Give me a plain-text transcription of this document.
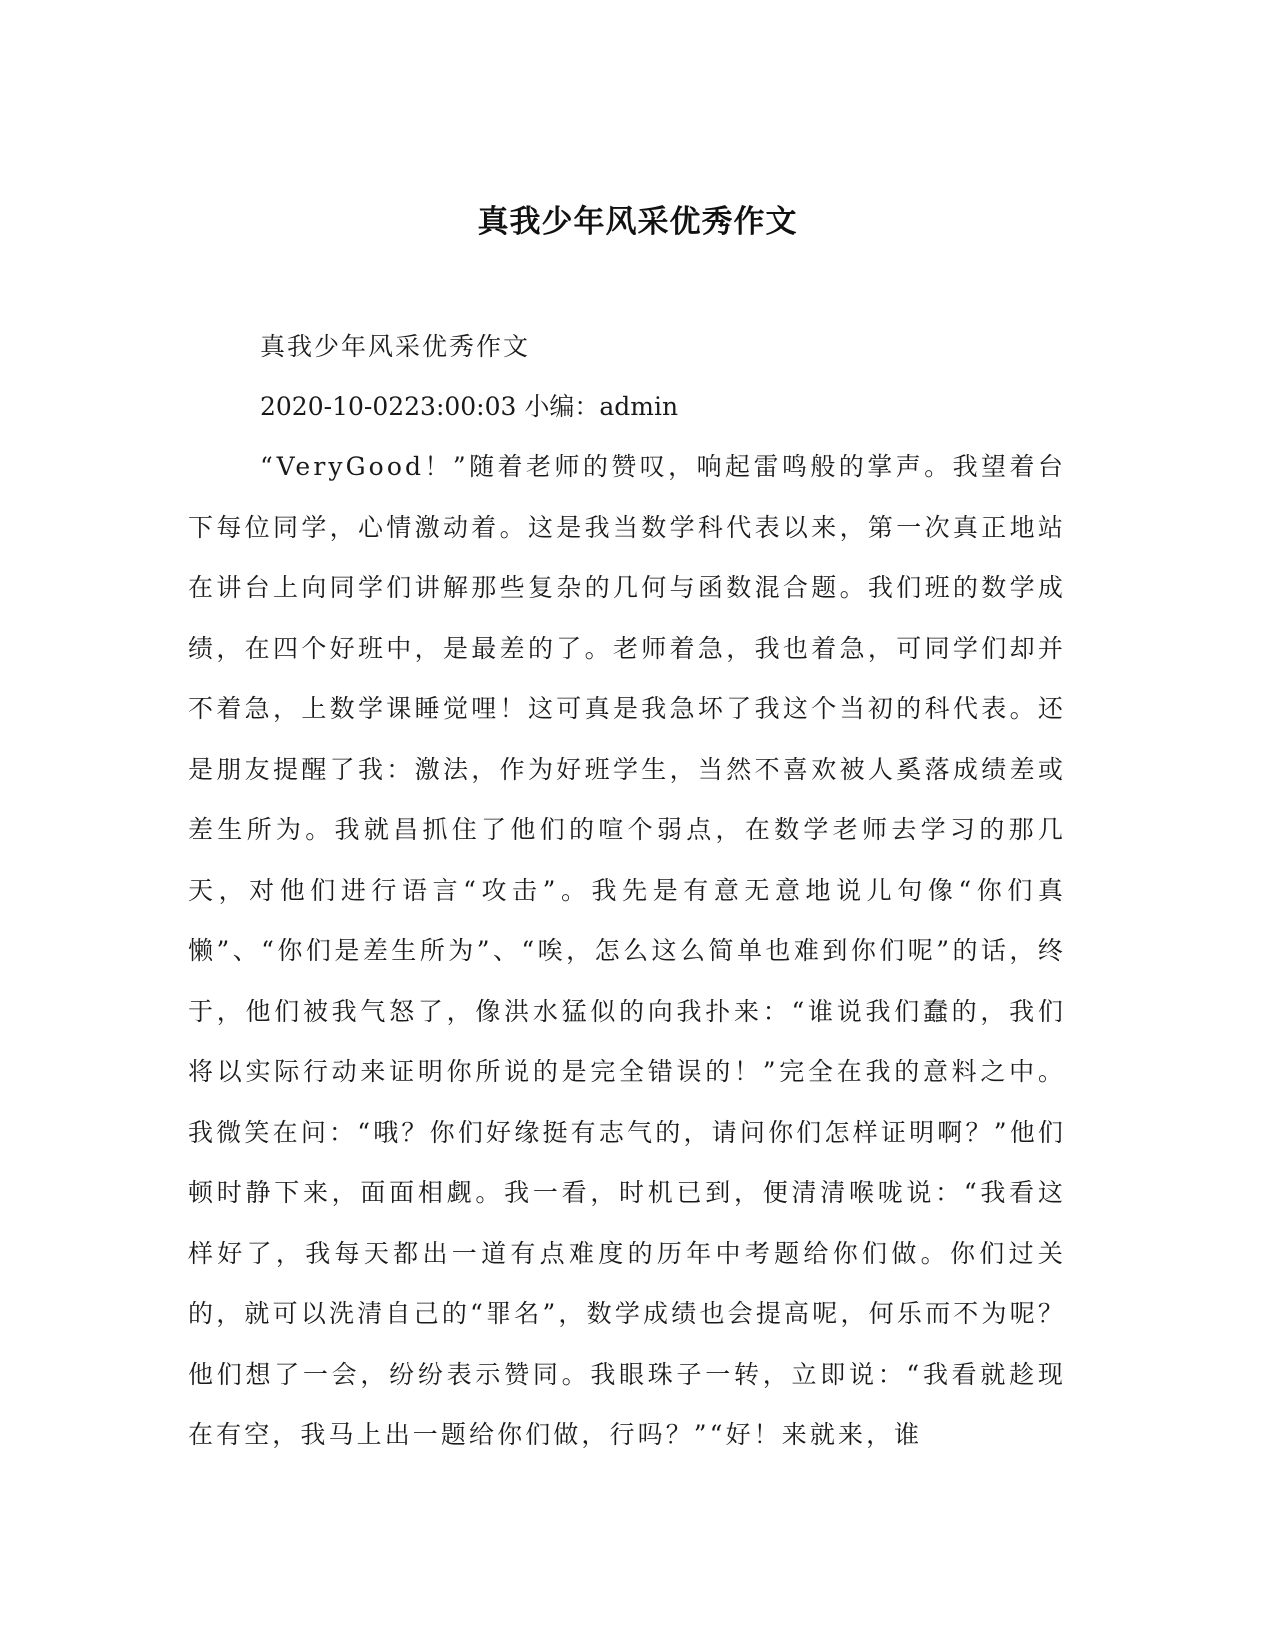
真我少年风采优秀作文

真我少年风采优秀作文

2020-10-0223:00:03 小编：admin

“VeryGood！”随着老师的赞叹，响起雷鸣般的掌声。我望着台下每位同学，心情激动着。这是我当数学科代表以来，第一次真正地站在讲台上向同学们讲解那些复杂的几何与函数混合题。我们班的数学成绩，在四个好班中，是最差的了。老师着急，我也着急，可同学们却并不着急，上数学课睡觉哩！这可真是我急坏了我这个当初的科代表。还是朋友提醒了我：激法，作为好班学生，当然不喜欢被人奚落成绩差或差生所为。我就昌抓住了他们的喧个弱点，在数学老师去学习的那几天，对他们进行语言“攻击”。我先是有意无意地说儿句像“你们真懒”、“你们是差生所为”、“唉，怎么这么简单也难到你们呢”的话，终于，他们被我气怒了，像洪水猛似的向我扑来：“谁说我们蠢的，我们将以实际行动来证明你所说的是完全错误的！”完全在我的意料之中。我微笑在问：“哦？你们好缘挺有志气的，请问你们怎样证明啊？”他们顿时静下来，面面相觑。我一看，时机已到，便清清喉咙说：“我看这样好了，我每天都出一道有点难度的历年中考题给你们做。你们过关的，就可以洗清自己的“罪名”，数学成绩也会提高呢，何乐而不为呢？他们想了一会，纷纷表示赞同。我眼珠子一转，立即说：“我看就趁现在有空，我马上出一题给你们做，行吗？”“好！来就来，谁
